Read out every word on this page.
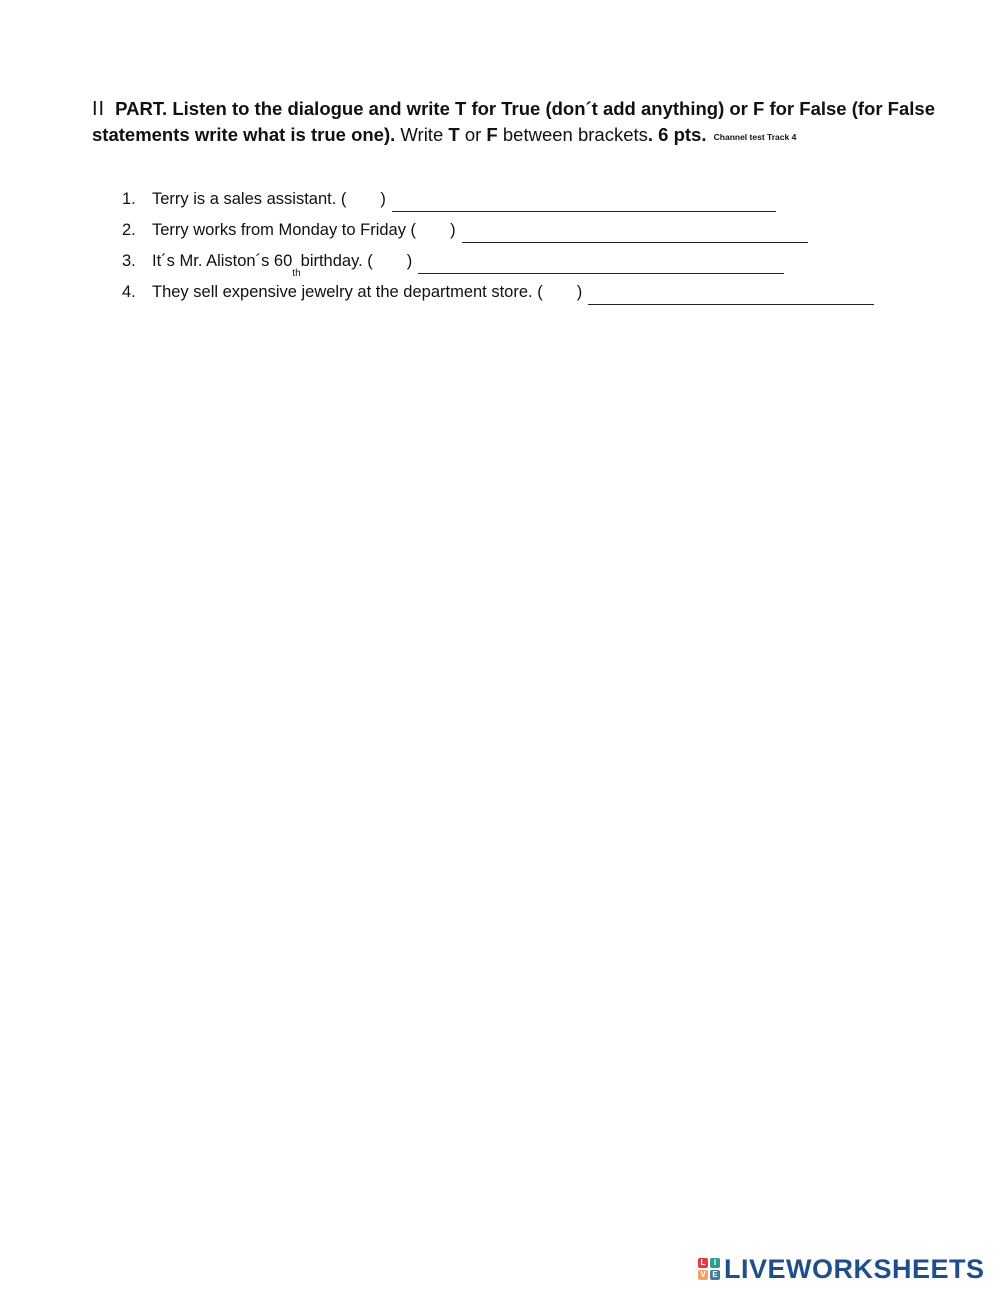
II PART. Listen to the dialogue and write T for True (don´t add anything) or F for False (for False statements write what is true one). Write T or F between brackets. 6 pts. Channel test Track 4
1. Terry is a sales assistant. ( )
2. Terry works from Monday to Friday ( )
3. It´s Mr. Aliston´s 60
th
birthday. ( )
4. They sell expensive jewelry at the department store. ( )
L	I
V E LIVEWORKSHEETS
